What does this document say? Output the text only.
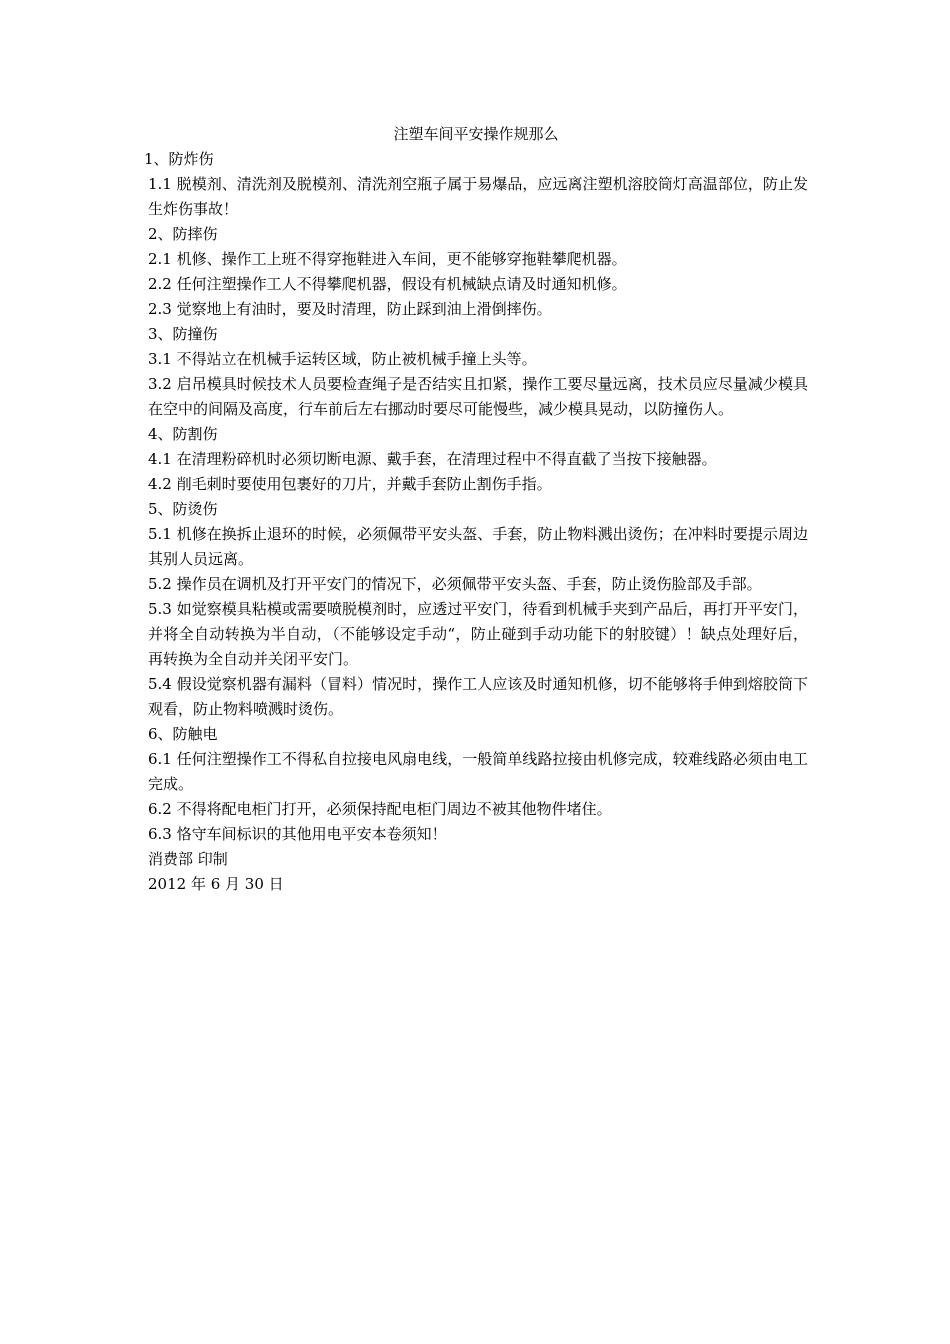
注塑车间平安操作规那么
1、防炸伤
1.1 脱模剂、清洗剂及脱模剂、清洗剂空瓶子属于易爆品，应远离注塑机溶胶筒灯高温部位，防止发生炸伤事故！
2、防摔伤
2.1 机修、操作工上班不得穿拖鞋进入车间，更不能够穿拖鞋攀爬机器。
2.2 任何注塑操作工人不得攀爬机器，假设有机械缺点请及时通知机修。
2.3 觉察地上有油时，要及时清理，防止踩到油上滑倒摔伤。
3、防撞伤
3.1 不得站立在机械手运转区域，防止被机械手撞上头等。
3.2 启吊模具时候技术人员要检查绳子是否结实且扣紧，操作工要尽量远离，技术员应尽量减少模具在空中的间隔及高度，行车前后左右挪动时要尽可能慢些，减少模具晃动，以防撞伤人。
4、防割伤
4.1 在清理粉碎机时必须切断电源、戴手套，在清理过程中不得直截了当按下接触器。
4.2 削毛刺时要使用包裹好的刀片，并戴手套防止割伤手指。
5、防烫伤
5.1 机修在换拆止退环的时候，必须佩带平安头盔、手套，防止物料溅出烫伤；在冲料时要提示周边其别人员远离。
5.2 操作员在调机及打开平安门的情况下，必须佩带平安头盔、手套，防止烫伤脸部及手部。
5.3 如觉察模具粘模或需要喷脱模剂时，应透过平安门，待看到机械手夹到产品后，再打开平安门，并将全自动转换为半自动，（不能够设定手动“，防止碰到手动功能下的射胶键）！缺点处理好后，再转换为全自动并关闭平安门。
5.4 假设觉察机器有漏料（冒料）情况时，操作工人应该及时通知机修，切不能够将手伸到熔胶筒下观看，防止物料喷溅时烫伤。
6、防触电
6.1 任何注塑操作工不得私自拉接电风扇电线，一般简单线路拉接由机修完成，较难线路必须由电工完成。
6.2 不得将配电柜门打开，必须保持配电柜门周边不被其他物件堵住。
6.3 恪守车间标识的其他用电平安本卷须知！
消费部 印制
2012 年 6 月 30 日
